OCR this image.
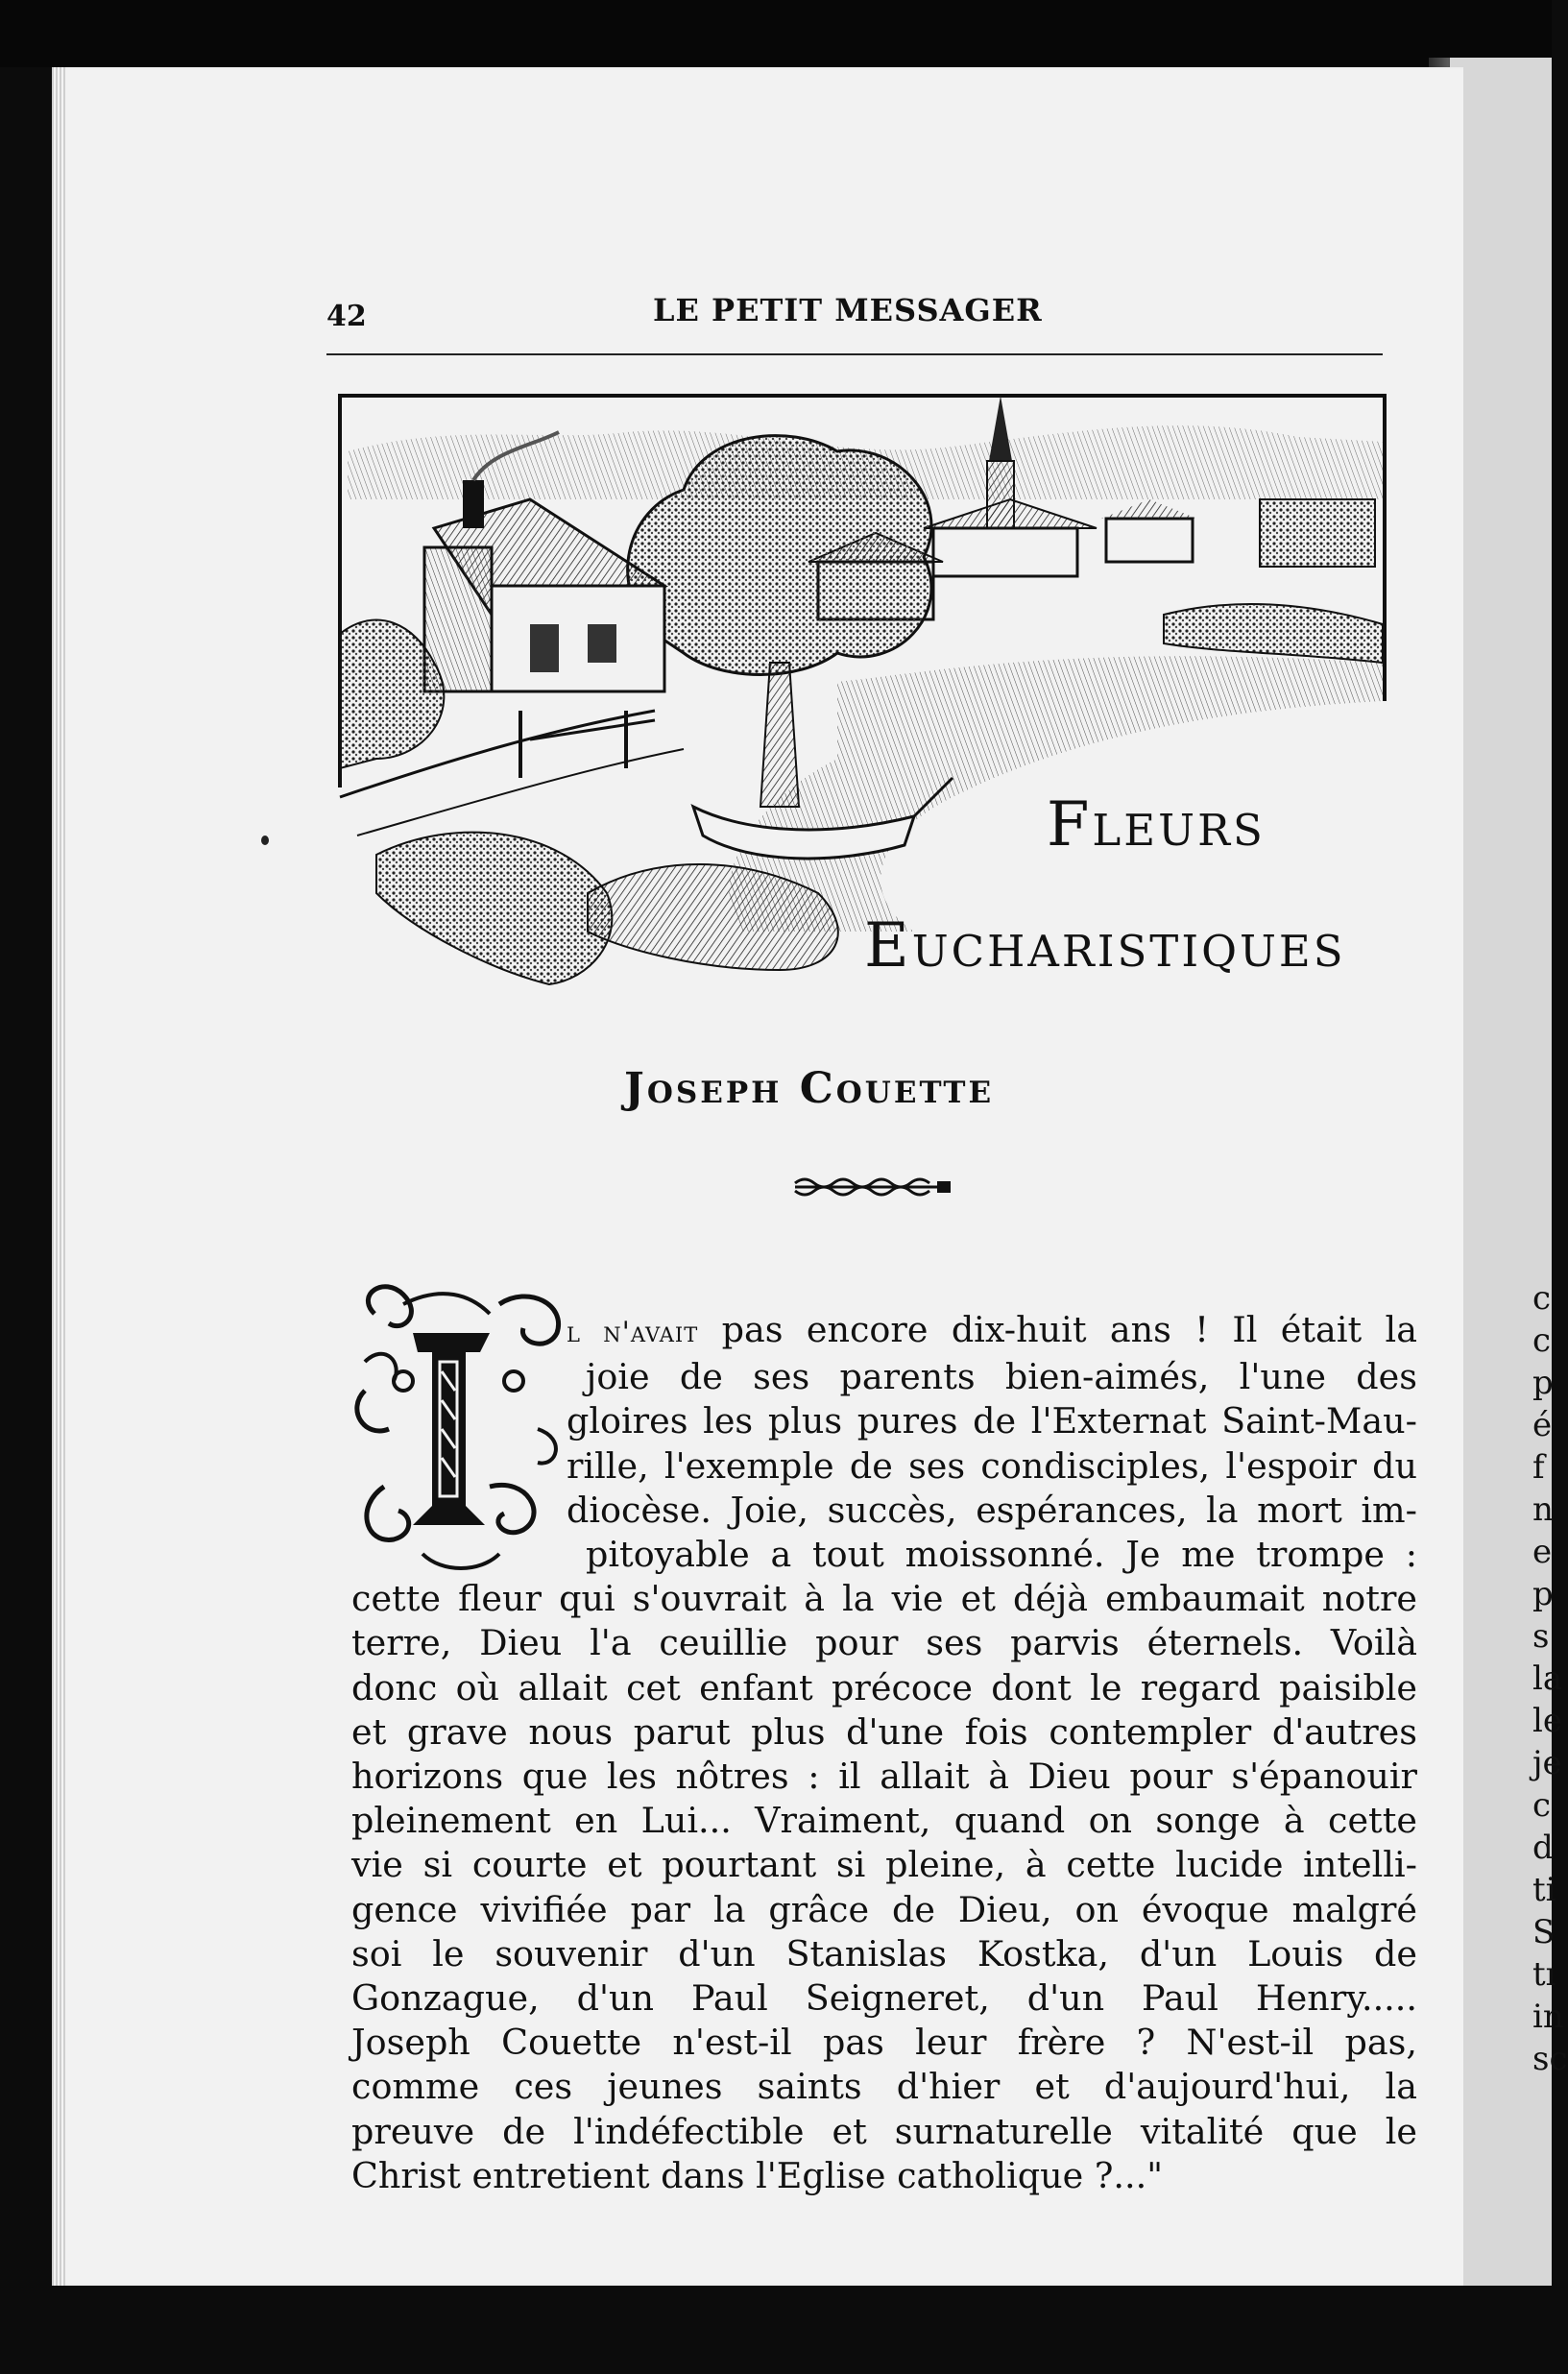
c
c
p
é
f
n
e
p
s
la
le
je
c
d
ti
S
tı
in
sc
42	LE PETIT MESSAGER
Fleurs
Eucharistiques
Joseph Couette
l n'avait pas encore dix-huit ans ! Il était la
joie de ses parents bien-aimés, l'une des
gloires les plus pures de l'Externat Saint-Mau-
rille, l'exemple de ses condisciples, l'espoir du
diocèse. Joie, succès, espérances, la mort im-
pitoyable a tout moissonné. Je me trompe :
cette fleur qui s'ouvrait à la vie et déjà embaumait notre
terre, Dieu l'a ceuillie pour ses parvis éternels. Voilà
donc où allait cet enfant précoce dont le regard paisible
et grave nous parut plus d'une fois contempler d'autres
horizons que les nôtres : il allait à Dieu pour s'épanouir
pleinement en Lui... Vraiment, quand on songe à cette
vie si courte et pourtant si pleine, à cette lucide intelli-
gence vivifiée par la grâce de Dieu, on évoque malgré
soi le souvenir d'un Stanislas Kostka, d'un Louis de
Gonzague, d'un Paul Seigneret, d'un Paul Henry.....
Joseph Couette n'est-il pas leur frère ? N'est-il pas,
comme ces jeunes saints d'hier et d'aujourd'hui, la
preuve de l'indéfectible et surnaturelle vitalité que le
Christ entretient dans l'Eglise catholique ?..."
